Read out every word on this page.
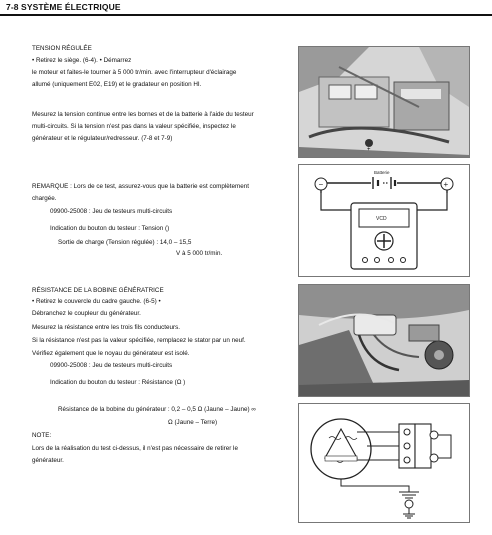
7-8 SYSTÈME ÉLECTRIQUE
TENSION RÉGULÉE
• Retirez le siège. (6-4). • Démarrez
le moteur et faites-le tourner à 5 000 tr/min. avec l'interrupteur d'éclairage
allumé (uniquement E02, E19) et le gradateur en position HI.
Mesurez la tension continue entre les bornes et de la batterie à l'aide du testeur
multi-circuits. Si la tension n'est pas dans la valeur spécifiée, inspectez le
générateur et le régulateur/redresseur. (7-8 et 7-9)
+
REMARQUE : Lors de ce test, assurez-vous que la batterie est complètement
chargée.
09900-25008 : Jeu de testeurs multi-circuits
Indication du bouton du testeur : Tension ()
Sortie de charge (Tension régulée) : 14,0 – 15,5
V à 5 000 tr/min.
Batterie
−	+
VCD
RÉSISTANCE DE LA BOBINE GÉNÉRATRICE
• Retirez le couvercle du cadre gauche. (6-5) •
Débranchez le coupleur du générateur.
Mesurez la résistance entre les trois fils conducteurs.
Si la résistance n'est pas la valeur spécifiée, remplacez le stator par un neuf.
Vérifiez également que le noyau du générateur est isolé.
09900-25008 : Jeu de testeurs multi-circuits
Indication du bouton du testeur : Résistance (Ω )
Résistance de la bobine du générateur : 0,2 – 0,5 Ω (Jaune – Jaune) ∞
Ω (Jaune – Terre)
NOTE:
Lors de la réalisation du test ci-dessus, il n'est pas nécessaire de retirer le
générateur.
